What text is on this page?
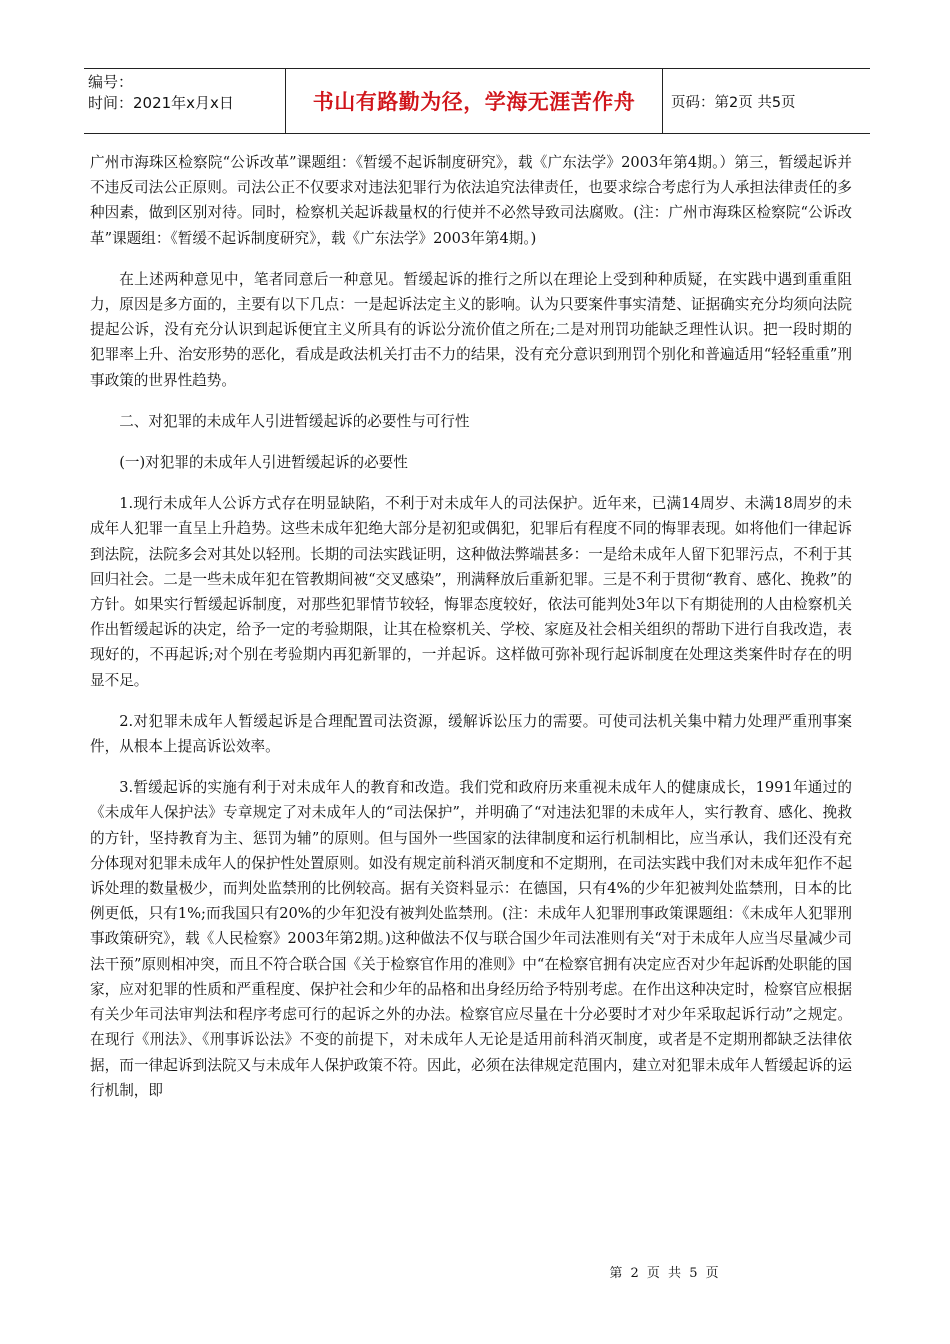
编号：
时间：2021年x月x日	书山有路勤为径，学海无涯苦作舟	页码：第2页 共5页

广州市海珠区检察院“公诉改革”课题组：《暂缓不起诉制度研究》，载《广东法学》2003年第4期。）第三，暂缓起诉并不违反司法公正原则。司法公正不仅要求对违法犯罪行为依法追究法律责任，也要求综合考虑行为人承担法律责任的多种因素，做到区别对待。同时，检察机关起诉裁量权的行使并不必然导致司法腐败。(注：广州市海珠区检察院“公诉改革”课题组：《暂缓不起诉制度研究》，载《广东法学》2003年第4期。)

在上述两种意见中，笔者同意后一种意见。暂缓起诉的推行之所以在理论上受到种种质疑，在实践中遇到重重阻力，原因是多方面的，主要有以下几点：一是起诉法定主义的影响。认为只要案件事实清楚、证据确实充分均须向法院提起公诉，没有充分认识到起诉便宜主义所具有的诉讼分流价值之所在;二是对刑罚功能缺乏理性认识。把一段时期的犯罪率上升、治安形势的恶化，看成是政法机关打击不力的结果，没有充分意识到刑罚个别化和普遍适用“轻轻重重”刑事政策的世界性趋势。

二、对犯罪的未成年人引进暂缓起诉的必要性与可行性

(一)对犯罪的未成年人引进暂缓起诉的必要性

1.现行未成年人公诉方式存在明显缺陷，不利于对未成年人的司法保护。近年来，已满14周岁、未满18周岁的未成年人犯罪一直呈上升趋势。这些未成年犯绝大部分是初犯或偶犯，犯罪后有程度不同的悔罪表现。如将他们一律起诉到法院，法院多会对其处以轻刑。长期的司法实践证明，这种做法弊端甚多：一是给未成年人留下犯罪污点，不利于其回归社会。二是一些未成年犯在管教期间被“交叉感染”，刑满释放后重新犯罪。三是不利于贯彻“教育、感化、挽救”的方针。如果实行暂缓起诉制度，对那些犯罪情节较轻，悔罪态度较好，依法可能判处3年以下有期徒刑的人由检察机关作出暂缓起诉的决定，给予一定的考验期限，让其在检察机关、学校、家庭及社会相关组织的帮助下进行自我改造，表现好的，不再起诉;对个别在考验期内再犯新罪的，一并起诉。这样做可弥补现行起诉制度在处理这类案件时存在的明显不足。

2.对犯罪未成年人暂缓起诉是合理配置司法资源，缓解诉讼压力的需要。可使司法机关集中精力处理严重刑事案件，从根本上提高诉讼效率。

3.暂缓起诉的实施有利于对未成年人的教育和改造。我们党和政府历来重视未成年人的健康成长，1991年通过的《未成年人保护法》专章规定了对未成年人的“司法保护”，并明确了“对违法犯罪的未成年人，实行教育、感化、挽救的方针，坚持教育为主、惩罚为辅”的原则。但与国外一些国家的法律制度和运行机制相比，应当承认，我们还没有充分体现对犯罪未成年人的保护性处置原则。如没有规定前科消灭制度和不定期刑，在司法实践中我们对未成年犯作不起诉处理的数量极少，而判处监禁刑的比例较高。据有关资料显示：在德国，只有4%的少年犯被判处监禁刑，日本的比例更低，只有1%;而我国只有20%的少年犯没有被判处监禁刑。(注：未成年人犯罪刑事政策课题组：《未成年人犯罪刑事政策研究》，载《人民检察》2003年第2期。)这种做法不仅与联合国少年司法准则有关“对于未成年人应当尽量减少司法干预”原则相冲突，而且不符合联合国《关于检察官作用的准则》中“在检察官拥有决定应否对少年起诉酌处职能的国家，应对犯罪的性质和严重程度、保护社会和少年的品格和出身经历给予特别考虑。在作出这种决定时，检察官应根据有关少年司法审判法和程序考虑可行的起诉之外的办法。检察官应尽量在十分必要时才对少年采取起诉行动”之规定。在现行《刑法》、《刑事诉讼法》不变的前提下，对未成年人无论是适用前科消灭制度，或者是不定期刑都缺乏法律依据，而一律起诉到法院又与未成年人保护政策不符。因此，必须在法律规定范围内，建立对犯罪未成年人暂缓起诉的运行机制，即

第 2 页 共 5 页
